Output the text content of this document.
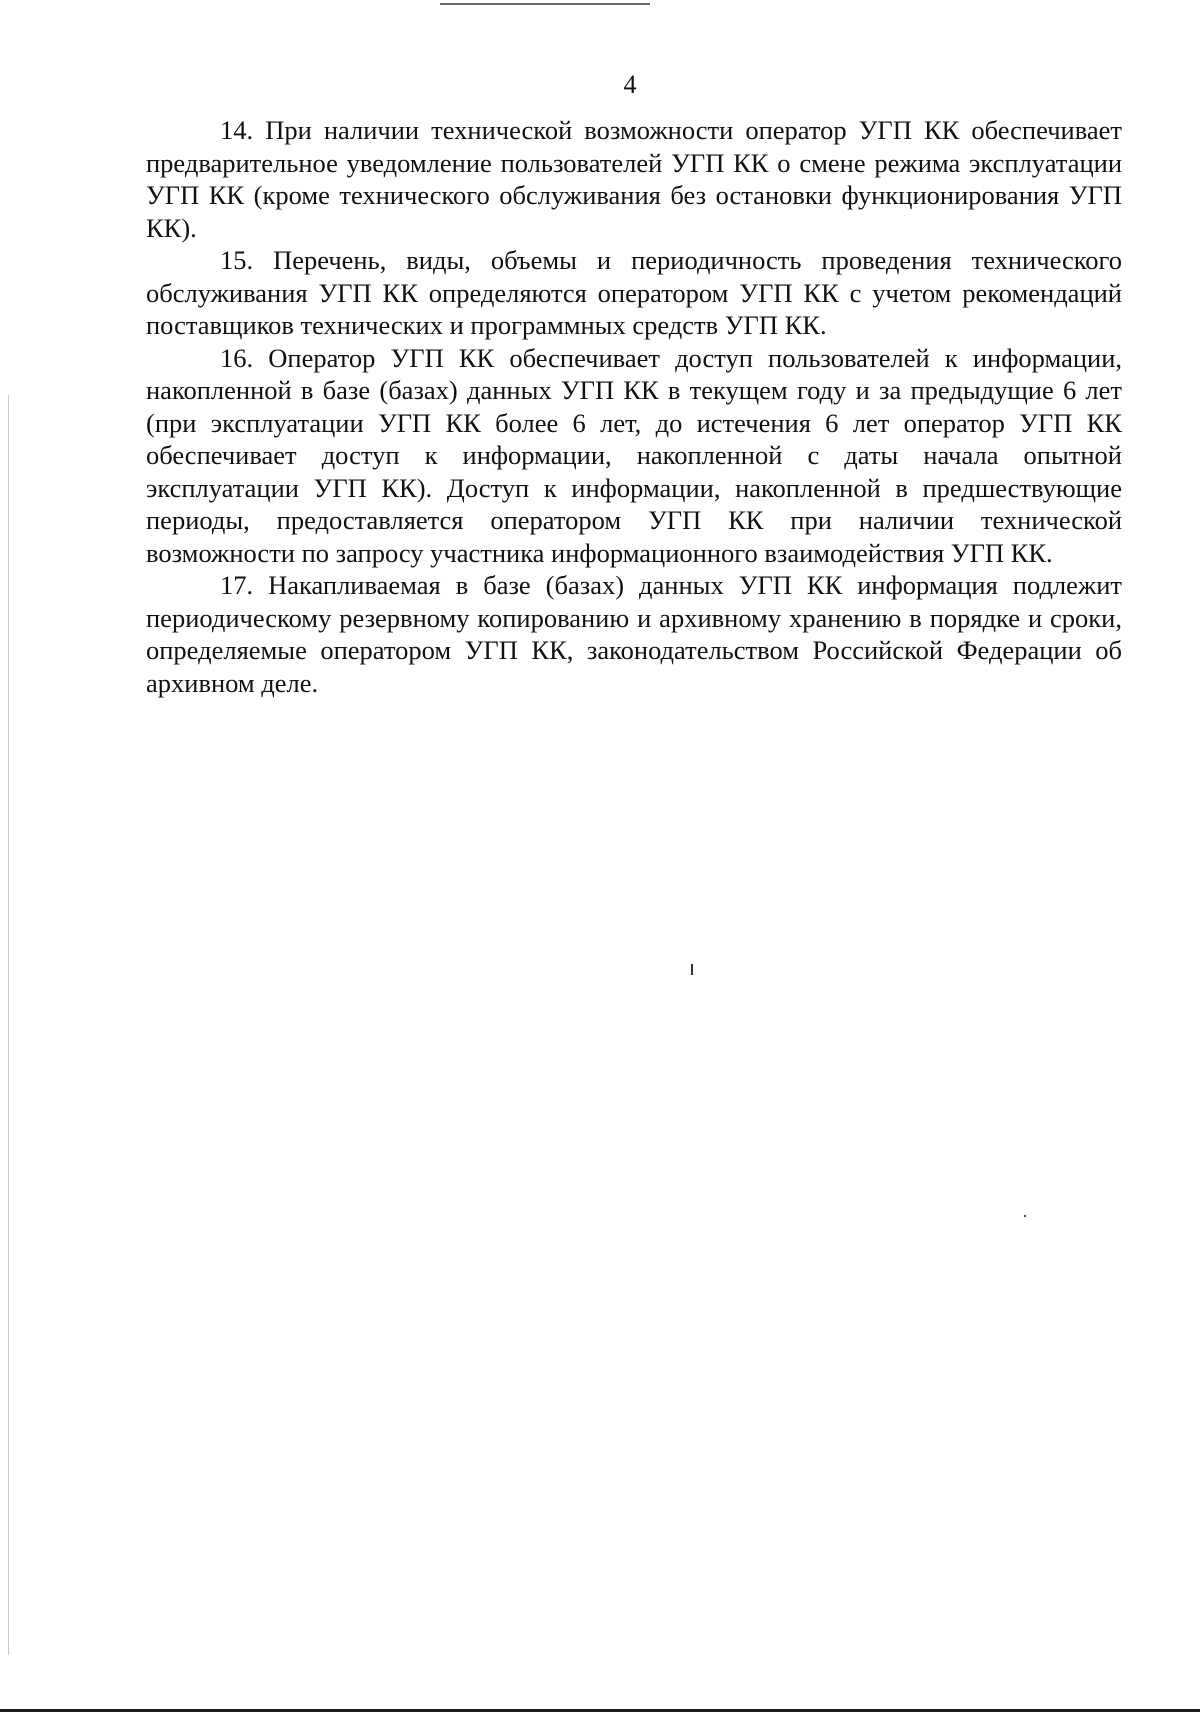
4

14. При наличии технической возможности оператор УГП КК обеспечивает предварительное уведомление пользователей УГП КК о смене режима эксплуатации УГП КК (кроме технического обслуживания без остановки функционирования УГП КК).

15. Перечень, виды, объемы и периодичность проведения технического обслуживания УГП КК определяются оператором УГП КК с учетом рекомендаций поставщиков технических и программных средств УГП КК.

16. Оператор УГП КК обеспечивает доступ пользователей к информации, накопленной в базе (базах) данных УГП КК в текущем году и за предыдущие 6 лет (при эксплуатации УГП КК более 6 лет, до истечения 6 лет оператор УГП КК обеспечивает доступ к информации, накопленной с даты начала опытной эксплуатации УГП КК). Доступ к информации, накопленной в предшествующие периоды, предоставляется оператором УГП КК при наличии технической возможности по запросу участника информационного взаимодействия УГП КК.

17. Накапливаемая в базе (базах) данных УГП КК информация подлежит периодическому резервному копированию и архивному хранению в порядке и сроки, определяемые оператором УГП КК, законодательством Российской Федерации об архивном деле.
